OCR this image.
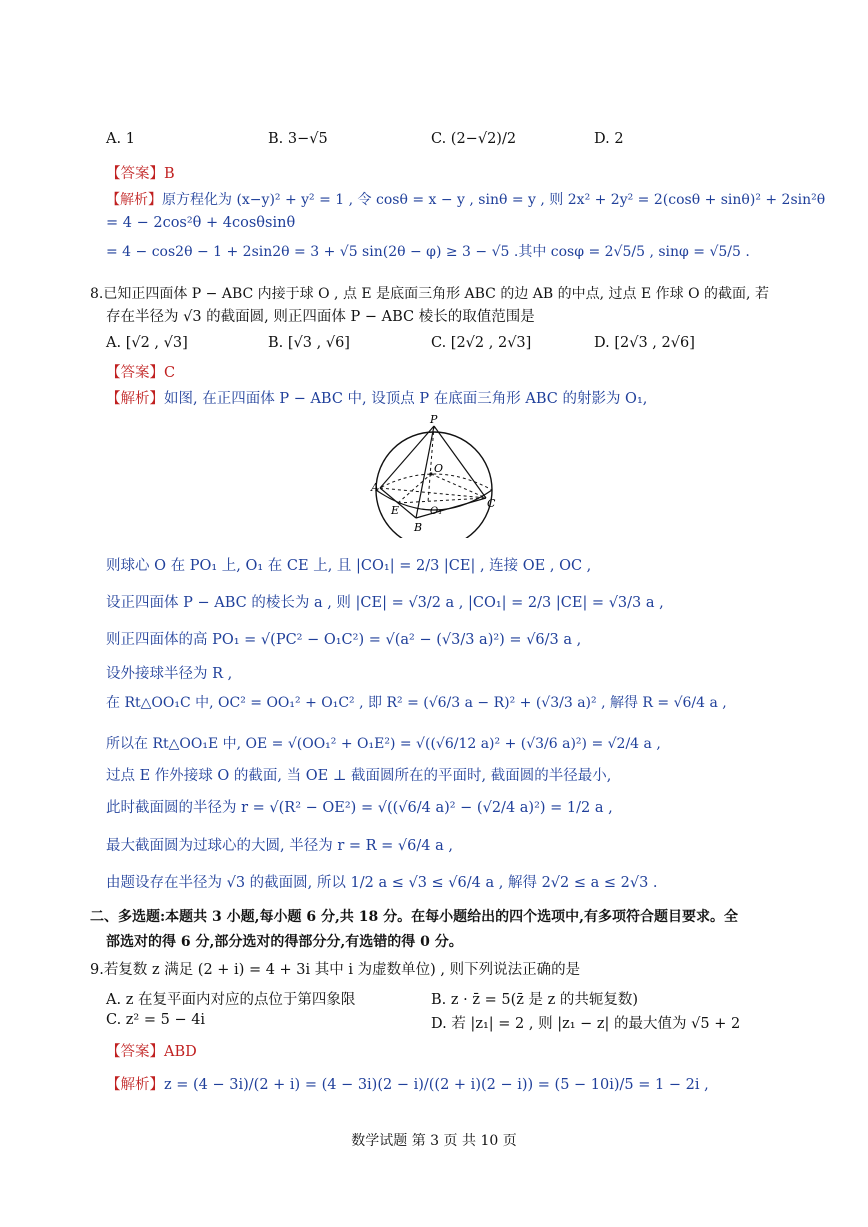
A. 1	B. 3−√5	C. (2−√2)/2	D. 2
【答案】B
【解析】原方程化为 (x−y)² + y² = 1 , 令 cosθ = x − y , sinθ = y , 则 2x² + 2y² = 2(cosθ + sinθ)² + 2sin²θ
= 4 − 2cos²θ + 4cosθsinθ
= 4 − cos2θ − 1 + 2sin2θ = 3 + √5 sin(2θ − φ) ≥ 3 − √5 .其中 cosφ = 2√5/5 , sinφ = √5/5 .
8.已知正四面体 P − ABC 内接于球 O , 点 E 是底面三角形 ABC 的边 AB 的中点, 过点 E 作球 O 的截面, 若
存在半径为 √3 的截面圆, 则正四面体 P − ABC 棱长的取值范围是
A. [√2 , √3]	B. [√3 , √6]	C. [2√2 , 2√3]	D. [2√3 , 2√6]
【答案】C
【解析】如图, 在正四面体 P − ABC 中, 设顶点 P 在底面三角形 ABC 的射影为 O₁,
P
O
A
B
C
E	O₁
则球心 O 在 PO₁ 上, O₁ 在 CE 上, 且 |CO₁| = 2/3 |CE| , 连接 OE , OC ,
设正四面体 P − ABC 的棱长为 a , 则 |CE| = √3/2 a , |CO₁| = 2/3 |CE| = √3/3 a ,
则正四面体的高 PO₁ = √(PC² − O₁C²) = √(a² − (√3/3 a)²) = √6/3 a ,
设外接球半径为 R ,
在 Rt△OO₁C 中, OC² = OO₁² + O₁C² , 即 R² = (√6/3 a − R)² + (√3/3 a)² , 解得 R = √6/4 a ,
所以在 Rt△OO₁E 中, OE = √(OO₁² + O₁E²) = √((√6/12 a)² + (√3/6 a)²) = √2/4 a ,
过点 E 作外接球 O 的截面, 当 OE ⊥ 截面圆所在的平面时, 截面圆的半径最小,
此时截面圆的半径为 r = √(R² − OE²) = √((√6/4 a)² − (√2/4 a)²) = 1/2 a ,
最大截面圆为过球心的大圆, 半径为 r = R = √6/4 a ,
由题设存在半径为 √3 的截面圆, 所以 1/2 a ≤ √3 ≤ √6/4 a , 解得 2√2 ≤ a ≤ 2√3 .
二、多选题:本题共 3 小题,每小题 6 分,共 18 分。在每小题给出的四个选项中,有多项符合题目要求。全
部选对的得 6 分,部分选对的得部分分,有选错的得 0 分。
9.若复数 z 满足 (2 + i) = 4 + 3i 其中 i 为虚数单位) , 则下列说法正确的是
A. z 在复平面内对应的点位于第四象限	B. z · z̄ = 5(z̄ 是 z 的共轭复数)
C. z² = 5 − 4i	D. 若 |z₁| = 2 , 则 |z₁ − z| 的最大值为 √5 + 2
【答案】ABD
【解析】z = (4 − 3i)/(2 + i) = (4 − 3i)(2 − i)/((2 + i)(2 − i)) = (5 − 10i)/5 = 1 − 2i ,
数学试题 第 3 页 共 10 页
